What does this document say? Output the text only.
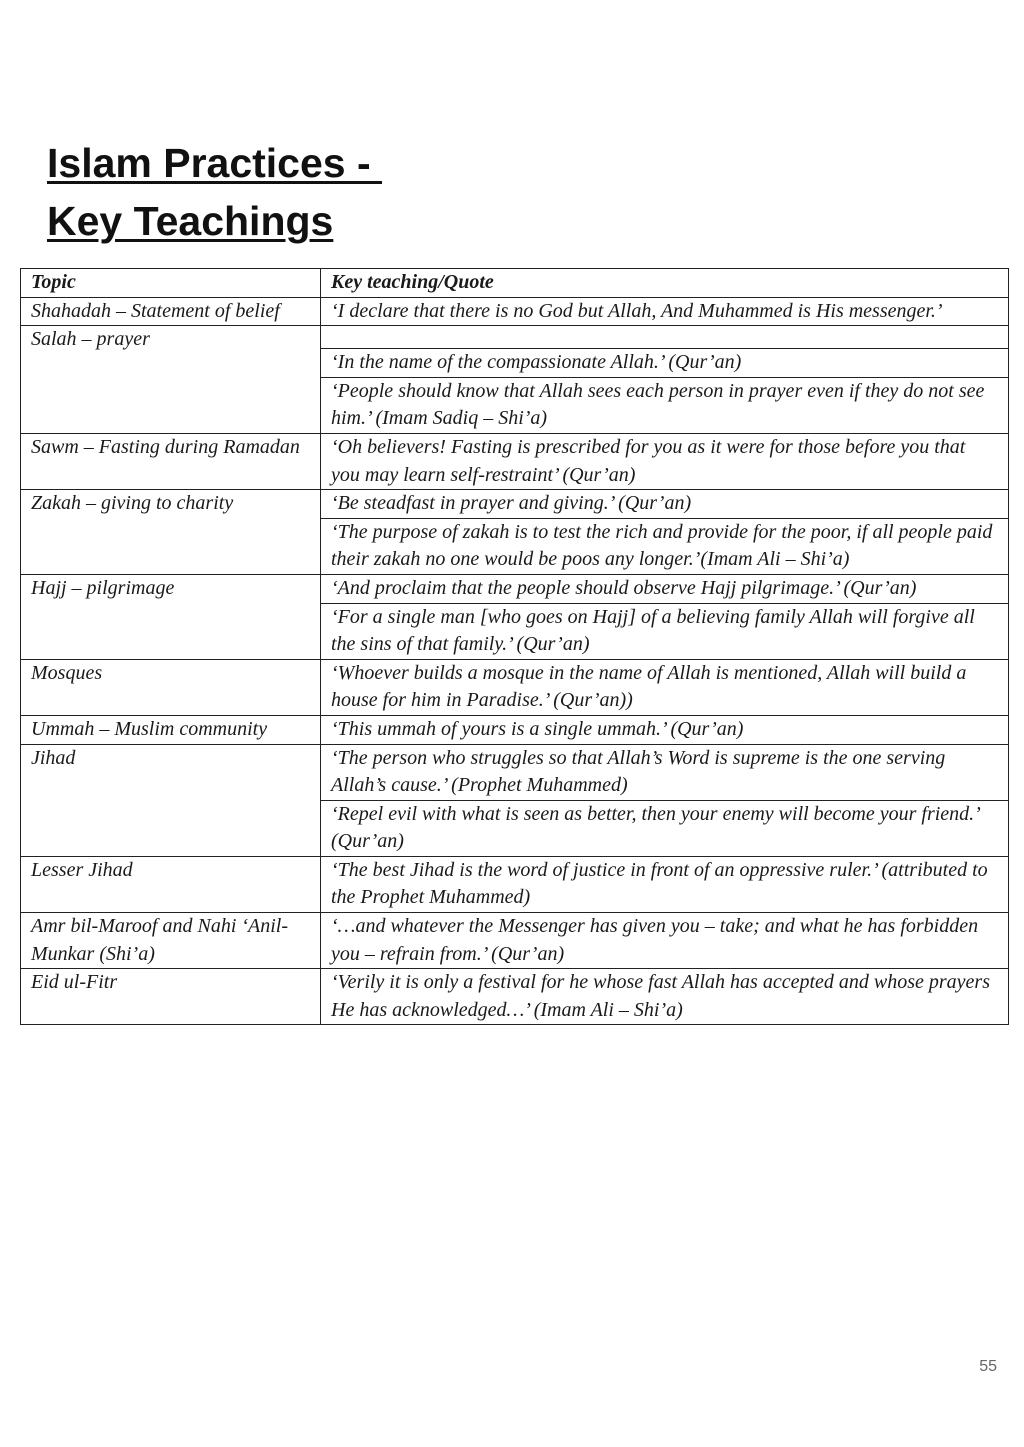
Islam Practices -
Key Teachings
Topic	Key teaching/Quote
Shahadah – Statement of belief	‘I declare that there is no God but Allah, And Muhammed is His messenger.’
Salah – prayer	
	‘In the name of the compassionate Allah.’ (Qur’an)
	‘People should know that Allah sees each person in prayer even if they do not see him.’ (Imam Sadiq – Shi’a)
Sawm – Fasting during Ramadan	‘Oh believers! Fasting is prescribed for you as it were for those before you that you may learn self-restraint’ (Qur’an)
Zakah – giving to charity	‘Be steadfast in prayer and giving.’ (Qur’an)
	‘The purpose of zakah is to test the rich and provide for the poor, if all people paid their zakah no one would be poos any longer.’(Imam Ali – Shi’a)
Hajj – pilgrimage	‘And proclaim that the people should observe Hajj pilgrimage.’ (Qur’an)
	‘For a single man [who goes on Hajj] of a believing family Allah will forgive all the sins of that family.’ (Qur’an)
Mosques	‘Whoever builds a mosque in the name of Allah is mentioned, Allah will build a house for him in Paradise.’ (Qur’an))
Ummah – Muslim community	‘This ummah of yours is a single ummah.’ (Qur’an)
Jihad	‘The person who struggles so that Allah’s Word is supreme is the one serving Allah’s cause.’ (Prophet Muhammed)
	‘Repel evil with what is seen as better, then your enemy will become your friend.’ (Qur’an)
Lesser Jihad	‘The best Jihad is the word of justice in front of an oppressive ruler.’ (attributed to the Prophet Muhammed)
Amr bil-Maroof and Nahi ‘Anil-Munkar (Shi’a)	‘…and whatever the Messenger has given you – take; and what he has forbidden you – refrain from.’ (Qur’an)
Eid ul-Fitr	‘Verily it is only a festival for he whose fast Allah has accepted and whose prayers He has acknowledged…’ (Imam Ali – Shi’a)
55
